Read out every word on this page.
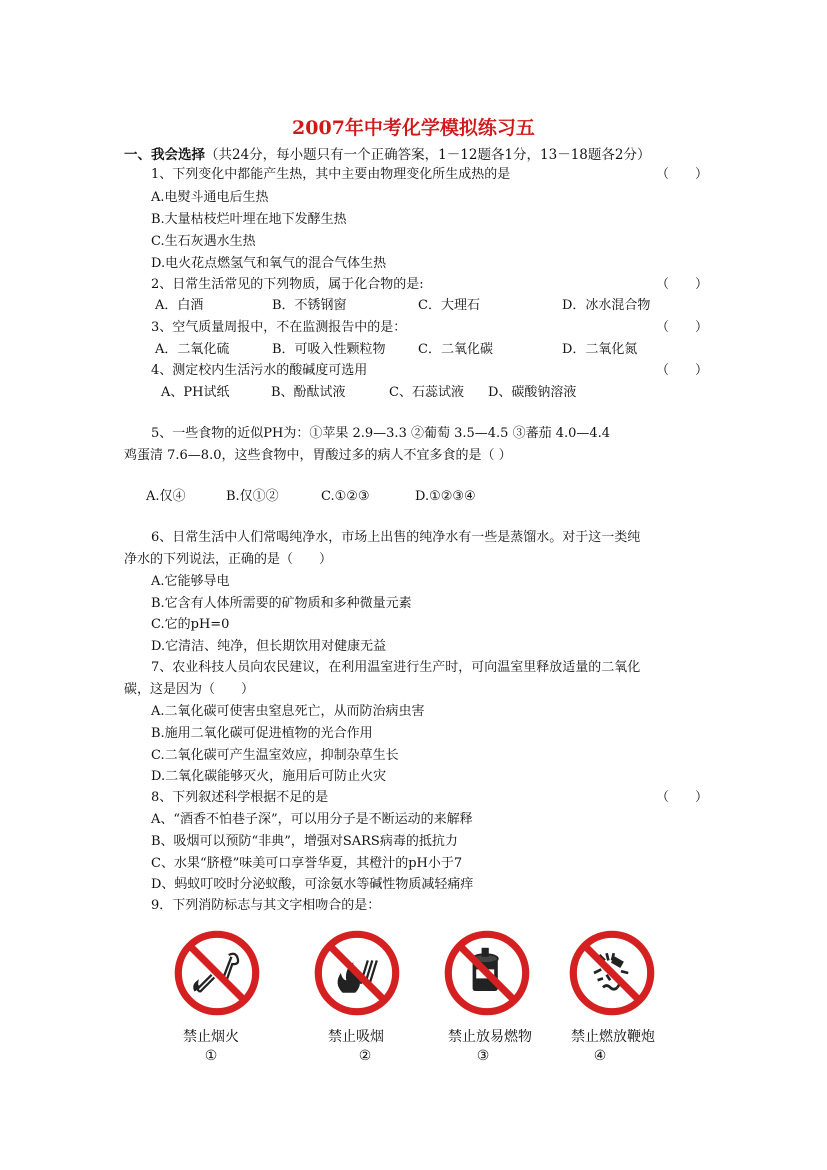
2007年中考化学模拟练习五
一、我会选择（共24分，每小题只有一个正确答案，1－12题各1分，13－18题各2分）
1、下列变化中都能产生热，其中主要由物理变化所生成热的是	（　　）
A.电熨斗通电后生热
B.大量枯枝烂叶埋在地下发酵生热
C.生石灰遇水生热
D.电火花点燃氢气和氧气的混合气体生热
2、日常生活常见的下列物质，属于化合物的是:	（　　）
A．白酒	B．不锈钢窗	C．大理石	D．冰水混合物
3、空气质量周报中，不在监测报告中的是：	（　　）
A．二氧化硫	B．可吸入性颗粒物 C．二氧化碳	D．二氧化氮
4、测定校内生活污水的酸碱度可选用	（　　）
A、PH试纸	B、酚酞试液	C、石蕊试液 D、碳酸钠溶液
5、一些食物的近似PH为：①苹果 2.9—3.3 ②葡萄 3.5—4.5 ③蕃茄 4.0—4.4
鸡蛋清 7.6—8.0，这些食物中，胃酸过多的病人不宜多食的是（ ）
A.仅④	B.仅①②	C.①②③	D.①②③④
6、日常生活中人们常喝纯净水，市场上出售的纯净水有一些是蒸馏水。对于这一类纯
净水的下列说法，正确的是（　　）
A.它能够导电
B.它含有人体所需要的矿物质和多种微量元素
C.它的pH=0
D.它清洁、纯净，但长期饮用对健康无益
7、农业科技人员向农民建议，在利用温室进行生产时，可向温室里释放适量的二氧化
碳，这是因为（　　）
A.二氧化碳可使害虫窒息死亡，从而防治病虫害
B.施用二氧化碳可促进植物的光合作用
C.二氧化碳可产生温室效应，抑制杂草生长
D.二氧化碳能够灭火，施用后可防止火灾
8、下列叙述科学根据不足的是	（　　）
A、“酒香不怕巷子深”，可以用分子是不断运动的来解释
B、吸烟可以预防“非典”，增强对SARS病毒的抵抗力
C、水果“脐橙”味美可口享誉华夏，其橙汁的pH小于7
D、蚂蚁叮咬时分泌蚁酸，可涂氨水等碱性物质减轻痛痒
9．下列消防标志与其文字相吻合的是：
禁止烟火
①
禁止吸烟
②
禁止放易燃物
③
禁止燃放鞭炮
④
